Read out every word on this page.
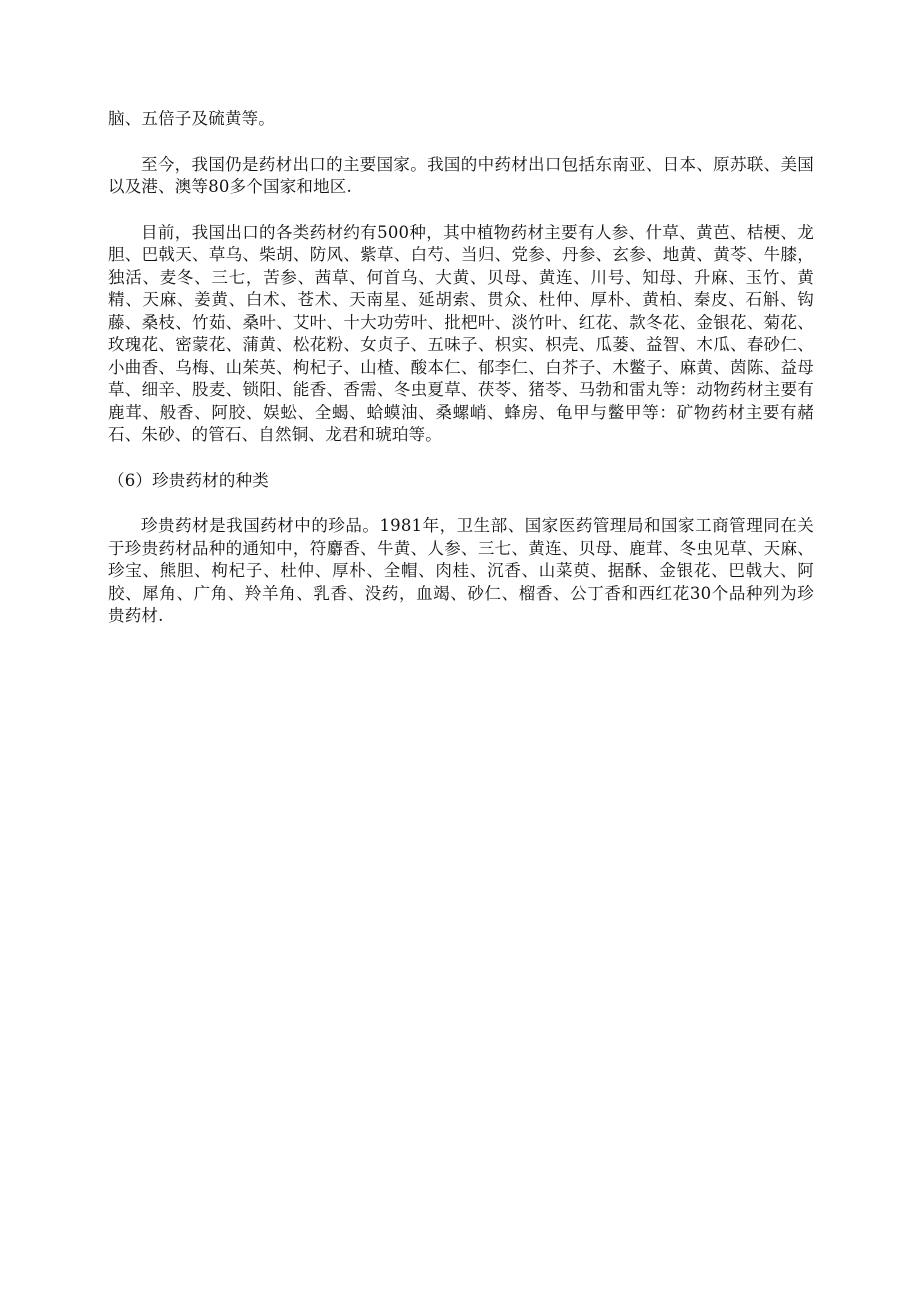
脑、五倍子及硫黄等。

至今，我国仍是药材出口的主要国家。我国的中药材出口包括东南亚、日本、原苏联、美国以及港、澳等80多个国家和地区.

目前，我国出口的各类药材约有500种，其中植物药材主要有人参、什草、黄芭、桔梗、龙胆、巴戟天、草乌、柴胡、防风、紫草、白芍、当归、党参、丹参、玄参、地黄、黄苓、牛膝，独活、麦冬、三七，苦参、茜草、何首乌、大黄、贝母、黄连、川号、知母、升麻、玉竹、黄精、天麻、姜黄、白术、苍术、天南星、延胡索、贯众、杜仲、厚朴、黄柏、秦皮、石斛、钩藤、桑枝、竹茹、桑叶、艾叶、十大功劳叶、批杷叶、淡竹叶、红花、款冬花、金银花、菊花、玫瑰花、密蒙花、蒲黄、松花粉、女贞子、五味子、枳实、枳壳、瓜蒌、益智、木瓜、春砂仁、小曲香、乌梅、山茱英、枸杞子、山楂、酸本仁、郁李仁、白芥子、木鳖子、麻黄、茵陈、益母草、细辛、股麦、锁阳、能香、香需、冬虫夏草、茯苓、猪苓、马勃和雷丸等：动物药材主要有鹿茸、般香、阿胶、娱蚣、全蝎、蛤蟆油、桑螺峭、蜂房、龟甲与鳖甲等：矿物药材主要有赭石、朱砂、的管石、自然铜、龙君和琥珀等。

（6）珍贵药材的种类

珍贵药材是我国药材中的珍品。1981年，卫生部、国家医药管理局和国家工商管理同在关于珍贵药材品种的通知中，符麝香、牛黄、人参、三七、黄连、贝母、鹿茸、冬虫见草、天麻、珍宝、熊胆、枸杞子、杜仲、厚朴、全帽、肉桂、沉香、山菜萸、据酥、金银花、巴戟大、阿胶、犀角、广角、羚羊角、乳香、没药，血竭、砂仁、榴香、公丁香和西红花30个品种列为珍贵药材.
